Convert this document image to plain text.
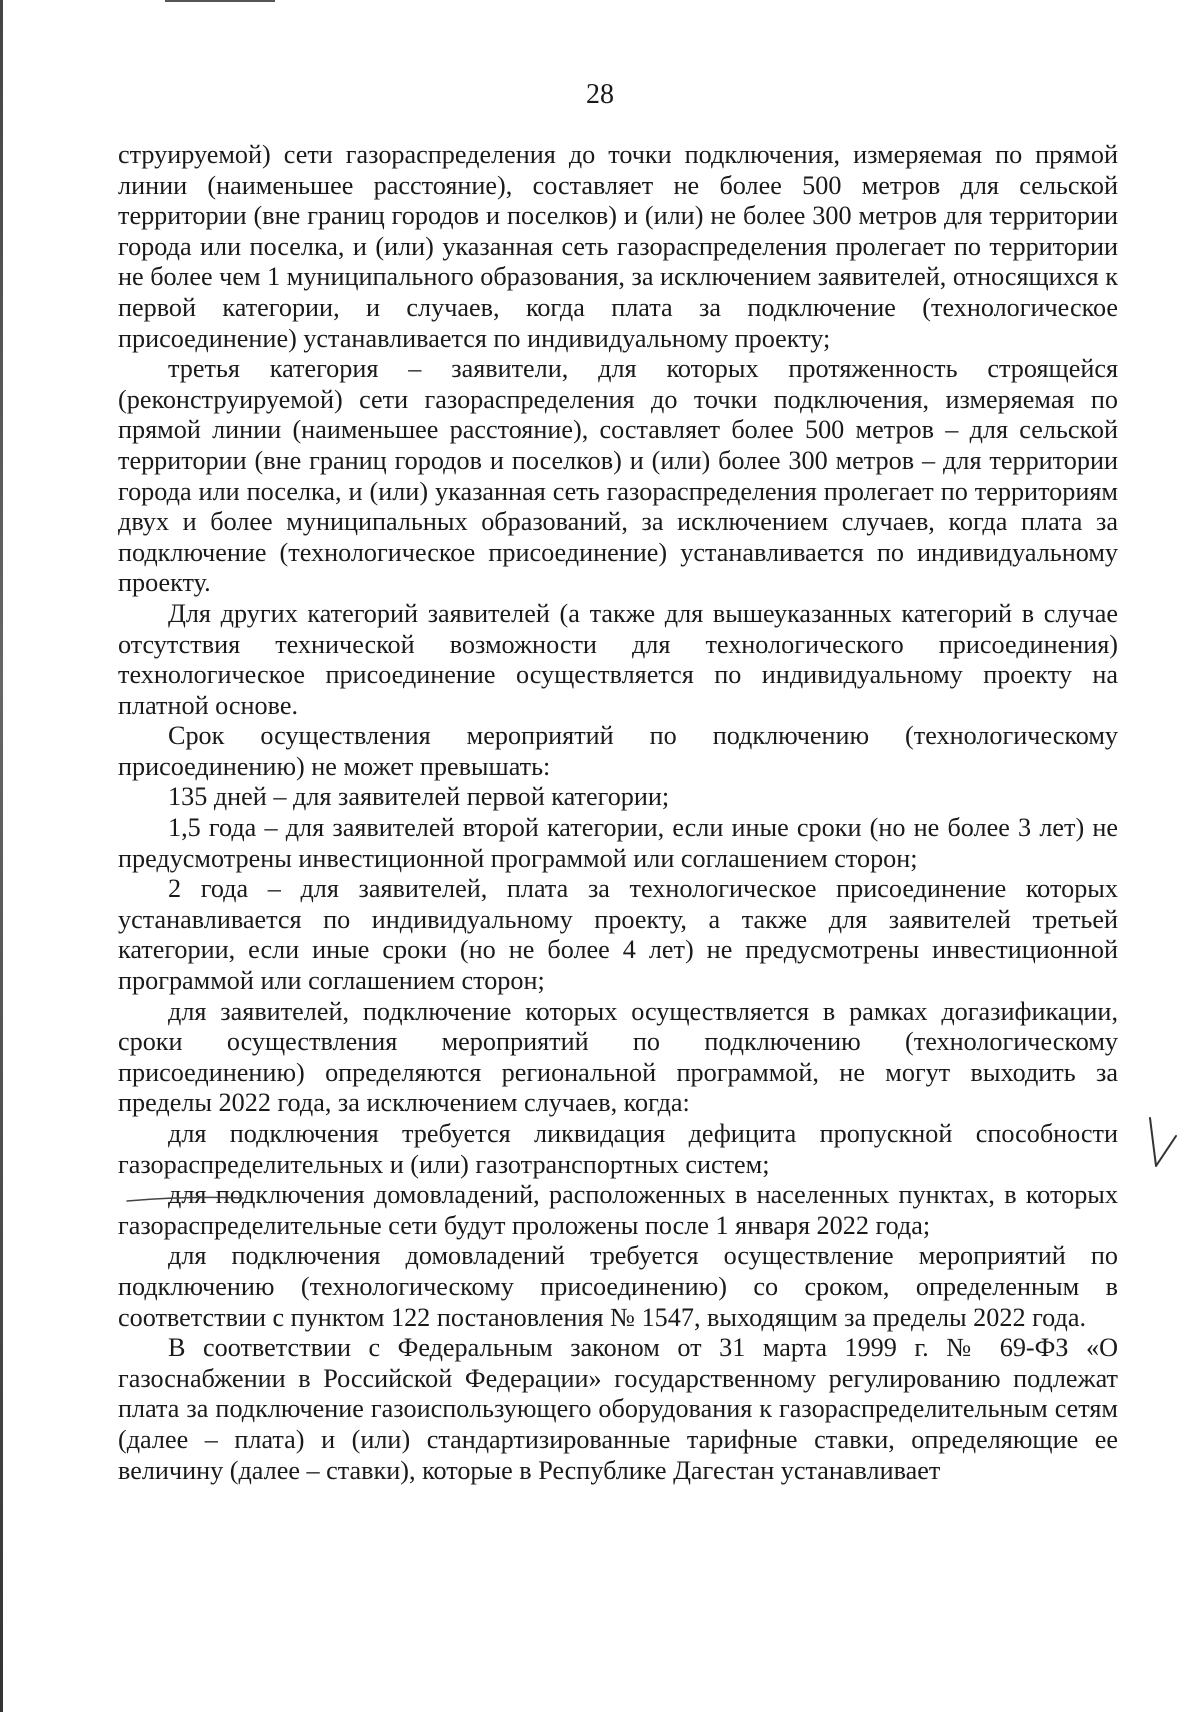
28

струируемой) сети газораспределения до точки подключения, измеряемая по прямой линии (наименьшее расстояние), составляет не более 500 метров для сельской территории (вне границ городов и поселков) и (или) не более 300 метров для территории города или поселка, и (или) указанная сеть газораспределения пролегает по территории не более чем 1 муниципального образования, за исключением заявителей, относящихся к первой категории, и случаев, когда плата за подключение (технологическое присоединение) устанавливается по индивидуальному проекту;

третья категория – заявители, для которых протяженность строящейся (реконструируемой) сети газораспределения до точки подключения, измеряемая по прямой линии (наименьшее расстояние), составляет более 500 метров – для сельской территории (вне границ городов и поселков) и (или) более 300 метров – для территории города или поселка, и (или) указанная сеть газораспределения пролегает по территориям двух и более муниципальных образований, за исключением случаев, когда плата за подключение (технологическое присоединение) устанавливается по индивидуальному проекту.

Для других категорий заявителей (а также для вышеуказанных категорий в случае отсутствия технической возможности для технологического присоединения) технологическое присоединение осуществляется по индивидуальному проекту на платной основе.

Срок осуществления мероприятий по подключению (технологическому присоединению) не может превышать:

135 дней – для заявителей первой категории;

1,5 года – для заявителей второй категории, если иные сроки (но не более 3 лет) не предусмотрены инвестиционной программой или соглашением сторон;

2 года – для заявителей, плата за технологическое присоединение которых устанавливается по индивидуальному проекту, а также для заявителей третьей категории, если иные сроки (но не более 4 лет) не предусмотрены инвестиционной программой или соглашением сторон;

для заявителей, подключение которых осуществляется в рамках догазификации, сроки осуществления мероприятий по подключению (технологическому присоединению) определяются региональной программой, не могут выходить за пределы 2022 года, за исключением случаев, когда:

для подключения требуется ликвидация дефицита пропускной способности газораспределительных и (или) газотранспортных систем;

для подключения домовладений, расположенных в населенных пунктах, в которых газораспределительные сети будут проложены после 1 января 2022 года;

для подключения домовладений требуется осуществление мероприятий по подключению (технологическому присоединению) со сроком, определенным в соответствии с пунктом 122 постановления № 1547, выходящим за пределы 2022 года.

В соответствии с Федеральным законом от 31 марта 1999 г. № 69-ФЗ «О газоснабжении в Российской Федерации» государственному регулированию подлежат плата за подключение газоиспользующего оборудования к газораспределительным сетям (далее – плата) и (или) стандартизированные тарифные ставки, определяющие ее величину (далее – ставки), которые в Республике Дагестан устанавливает
